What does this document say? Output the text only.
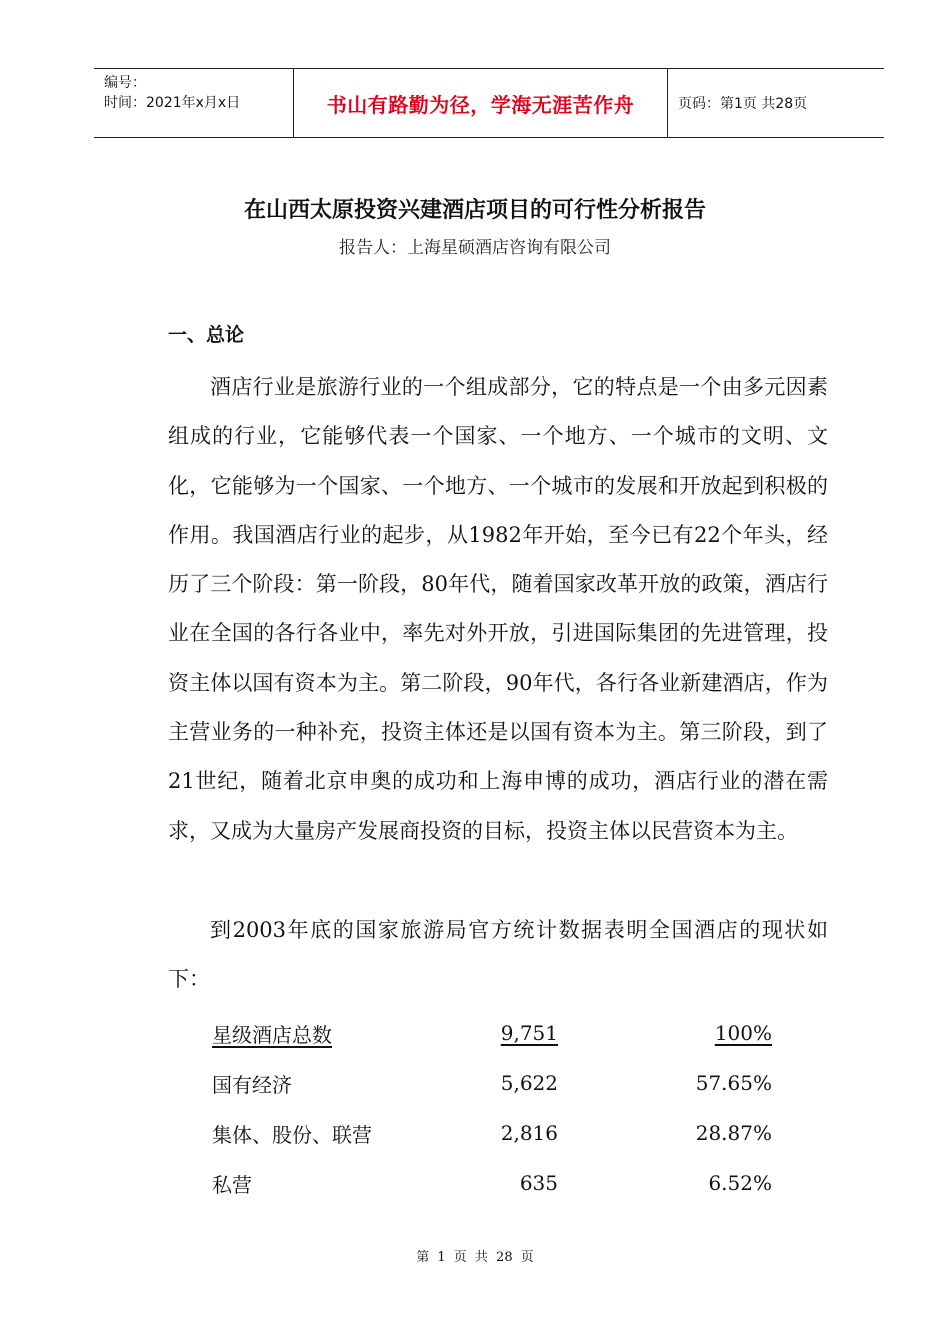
编号：
时间：2021年x月x日	书山有路勤为径，学海无涯苦作舟	页码：第1页 共28页
在山西太原投资兴建酒店项目的可行性分析报告
报告人：上海星硕酒店咨询有限公司
一、总论

酒店行业是旅游行业的一个组成部分，它的特点是一个由多元因素组成的行业，它能够代表一个国家、一个地方、一个城市的文明、文化，它能够为一个国家、一个地方、一个城市的发展和开放起到积极的作用。我国酒店行业的起步，从1982年开始，至今已有22个年头，经历了三个阶段：第一阶段，80年代，随着国家改革开放的政策，酒店行业在全国的各行各业中，率先对外开放，引进国际集团的先进管理，投资主体以国有资本为主。第二阶段，90年代，各行各业新建酒店，作为主营业务的一种补充，投资主体还是以国有资本为主。第三阶段，到了21世纪，随着北京申奥的成功和上海申博的成功，酒店行业的潜在需求，又成为大量房产发展商投资的目标，投资主体以民营资本为主。

到2003年底的国家旅游局官方统计数据表明全国酒店的现状如下：

星级酒店总数	9,751	100%
国有经济	5,622	57.65%
集体、股份、联营	2,816	28.87%
私营	635	6.52%
第 1 页 共 28 页
